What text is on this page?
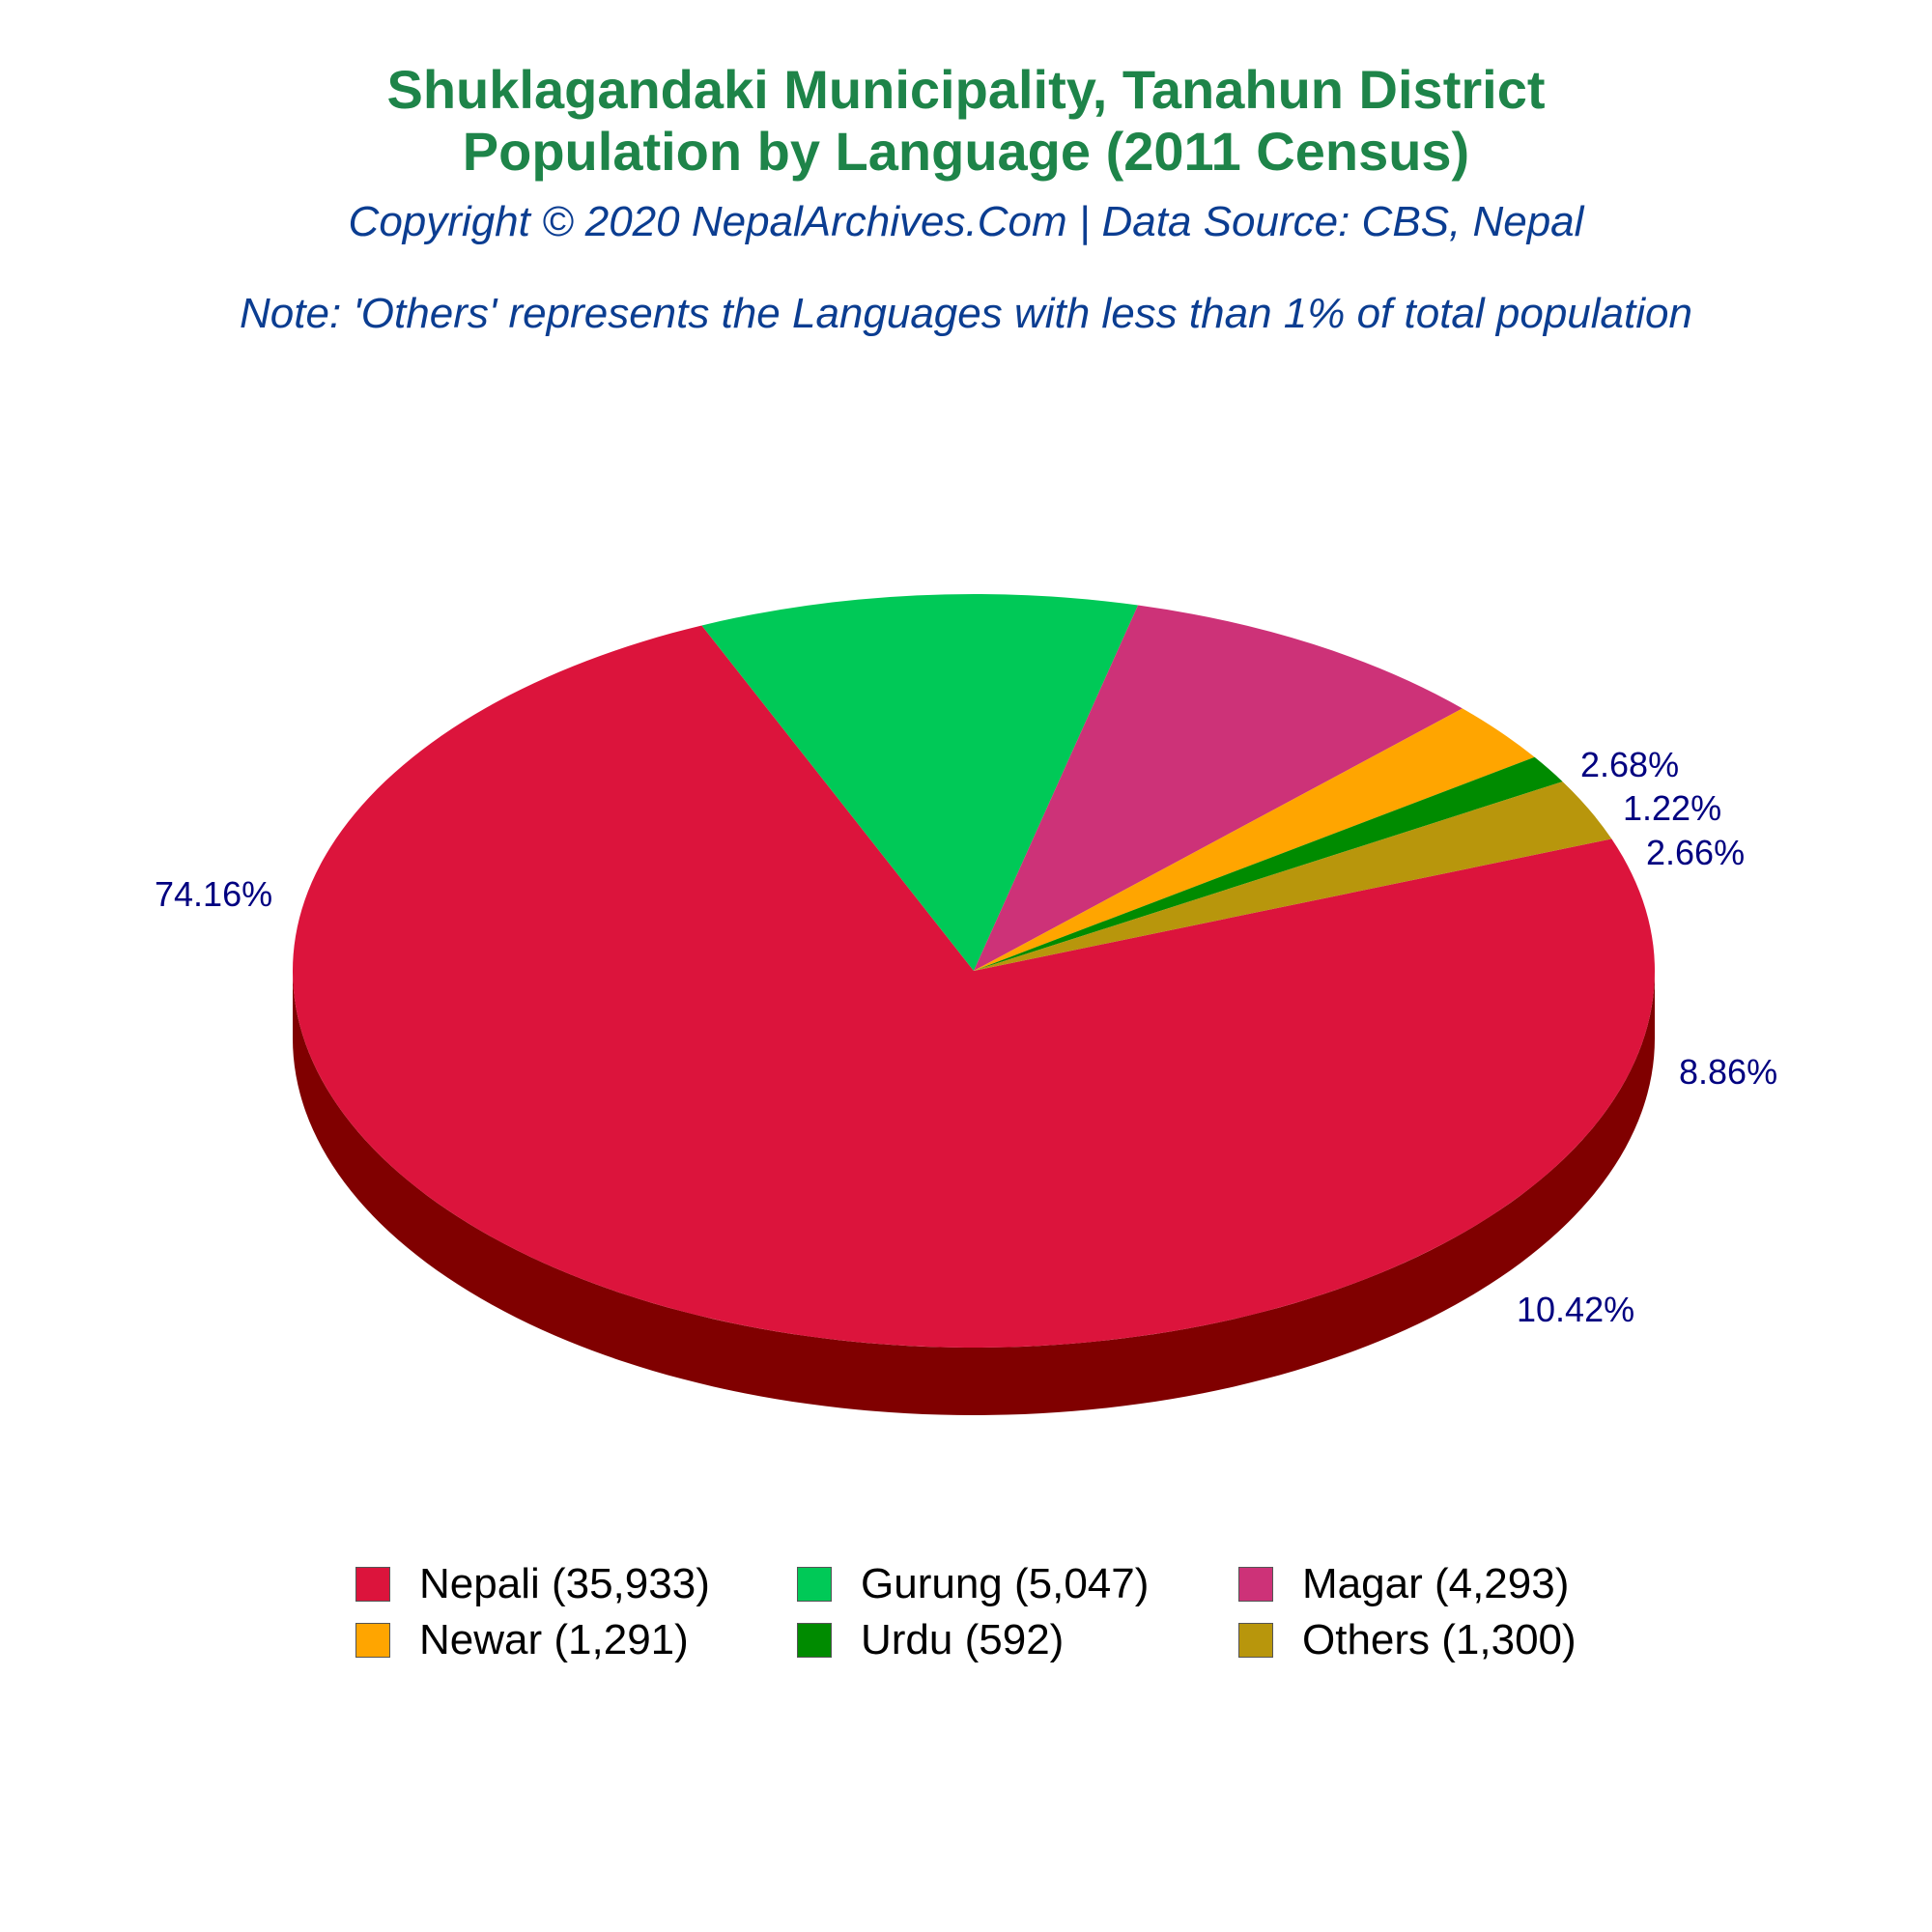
Shuklagandaki Municipality, Tanahun District
Population by Language (2011 Census)
Copyright © 2020 NepalArchives.Com | Data Source: CBS, Nepal
Note: 'Others' represents the Languages with less than 1% of total population
74.16%
10.42%
8.86%
2.66%
1.22%
2.68%
Nepali (35,933)	Gurung (5,047)	Magar (4,293)
Newar (1,291)	Urdu (592)	Others (1,300)
